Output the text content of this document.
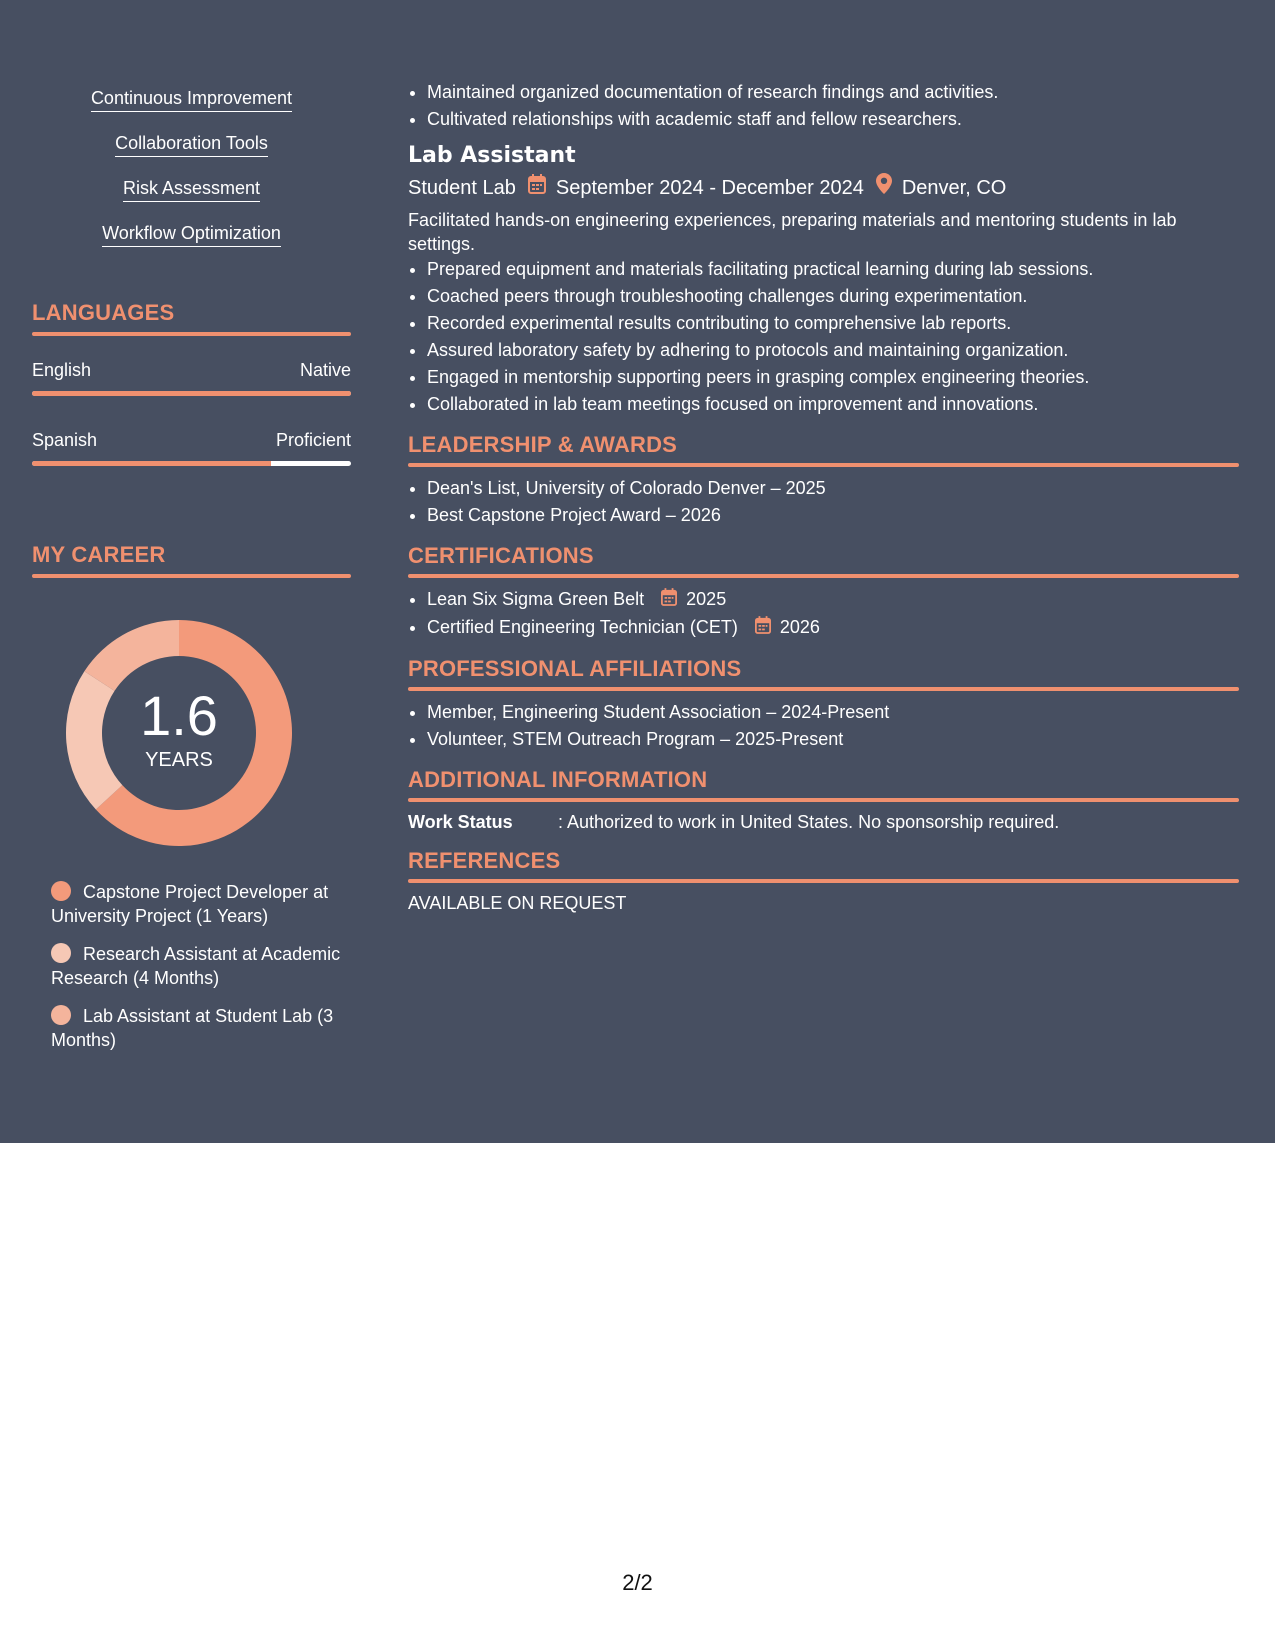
Continuous Improvement
Collaboration Tools
Risk Assessment
Workflow Optimization
LANGUAGES
English	Native
Spanish	Proficient
MY CAREER
1.6
YEARS
Capstone Project Developer at University Project (1 Years)
Research Assistant at Academic Research (4 Months)
Lab Assistant at Student Lab (3 Months)
• Maintained organized documentation of research findings and activities.
• Cultivated relationships with academic staff and fellow researchers.
Lab Assistant
Student Lab September 2024 - December 2024 Denver, CO
Facilitated hands-on engineering experiences, preparing materials and mentoring students in lab settings.
• Prepared equipment and materials facilitating practical learning during lab sessions.
• Coached peers through troubleshooting challenges during experimentation.
• Recorded experimental results contributing to comprehensive lab reports.
• Assured laboratory safety by adhering to protocols and maintaining organization.
• Engaged in mentorship supporting peers in grasping complex engineering theories.
• Collaborated in lab team meetings focused on improvement and innovations.
LEADERSHIP & AWARDS
• Dean's List, University of Colorado Denver – 2025
• Best Capstone Project Award – 2026
CERTIFICATIONS
• Lean Six Sigma Green Belt 2025
• Certified Engineering Technician (CET) 2026
PROFESSIONAL AFFILIATIONS
• Member, Engineering Student Association – 2024-Present
• Volunteer, STEM Outreach Program – 2025-Present
ADDITIONAL INFORMATION
Work Status	: Authorized to work in United States. No sponsorship required.
REFERENCES
AVAILABLE ON REQUEST
2/2
